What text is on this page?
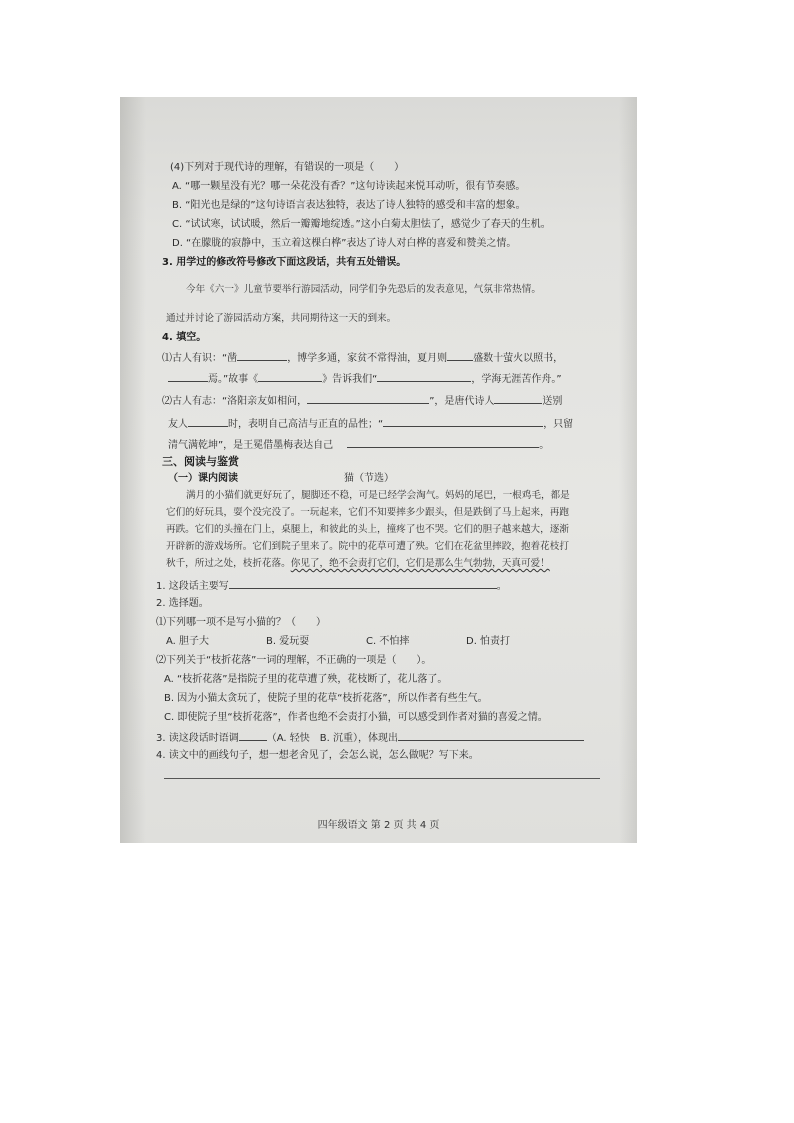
(4)下列对于现代诗的理解，有错误的一项是（　　）
A. “哪一颗星没有光？哪一朵花没有香？”这句诗读起来悦耳动听，很有节奏感。
B. “阳光也是绿的”这句诗语言表达独特，表达了诗人独特的感受和丰富的想象。
C. “试试寒，试试暖，然后一瓣瓣地绽透。”这小白菊太胆怯了，感觉少了春天的生机。
D. “在朦胧的寂静中，玉立着这棵白桦”表达了诗人对白桦的喜爱和赞美之情。
3. 用学过的修改符号修改下面这段话，共有五处错误。
今年《六一》儿童节要举行游园活动，同学们争先恐后的发表意见，气氛非常热情。
通过并讨论了游园活动方案，共同期待这一天的到来。
4. 填空。
⑴古人有识：“凿	，博学多通，家贫不常得油，夏月则	盛数十萤火以照书，
焉。”故事《	》告诉我们“	，学海无涯苦作舟。”
⑵古人有志：“洛阳亲友如相问，	”，是唐代诗人	送别
友人	时，表明自己高洁与正直的品性；“	，只留
清气满乾坤”，是王冕借墨梅表达自己	。
三、阅读与鉴赏
（一）课内阅读	猫（节选）
满月的小猫们就更好玩了，腿脚还不稳，可是已经学会淘气。妈妈的尾巴，一根鸡毛，都是
它们的好玩具，耍个没完没了。一玩起来，它们不知要摔多少跟头，但是跌倒了马上起来，再跑
再跌。它们的头撞在门上，桌腿上，和彼此的头上，撞疼了也不哭。它们的胆子越来越大，逐渐
开辟新的游戏场所。它们到院子里来了。院中的花草可遭了殃。它们在花盆里摔跤，抱着花枝打
秋千，所过之处，枝折花落。你见了，绝不会责打它们，它们是那么生气勃勃，天真可爱！
1. 这段话主要写	。
2. 选择题。
⑴下列哪一项不是写小猫的？（　　）
A. 胆子大	B. 爱玩耍	C. 不怕摔	D. 怕责打
⑵下列关于“枝折花落”一词的理解，不正确的一项是（　　）。
A. “枝折花落”是指院子里的花草遭了殃，花枝断了，花儿落了。
B. 因为小猫太贪玩了，使院子里的花草“枝折花落”，所以作者有些生气。
C. 即使院子里“枝折花落”，作者也绝不会责打小猫，可以感受到作者对猫的喜爱之情。
3. 读这段话时语调	（A. 轻快　B. 沉重），体现出
4. 读文中的画线句子，想一想老舍见了，会怎么说，怎么做呢？写下来。
四年级语文 第 2 页 共 4 页
